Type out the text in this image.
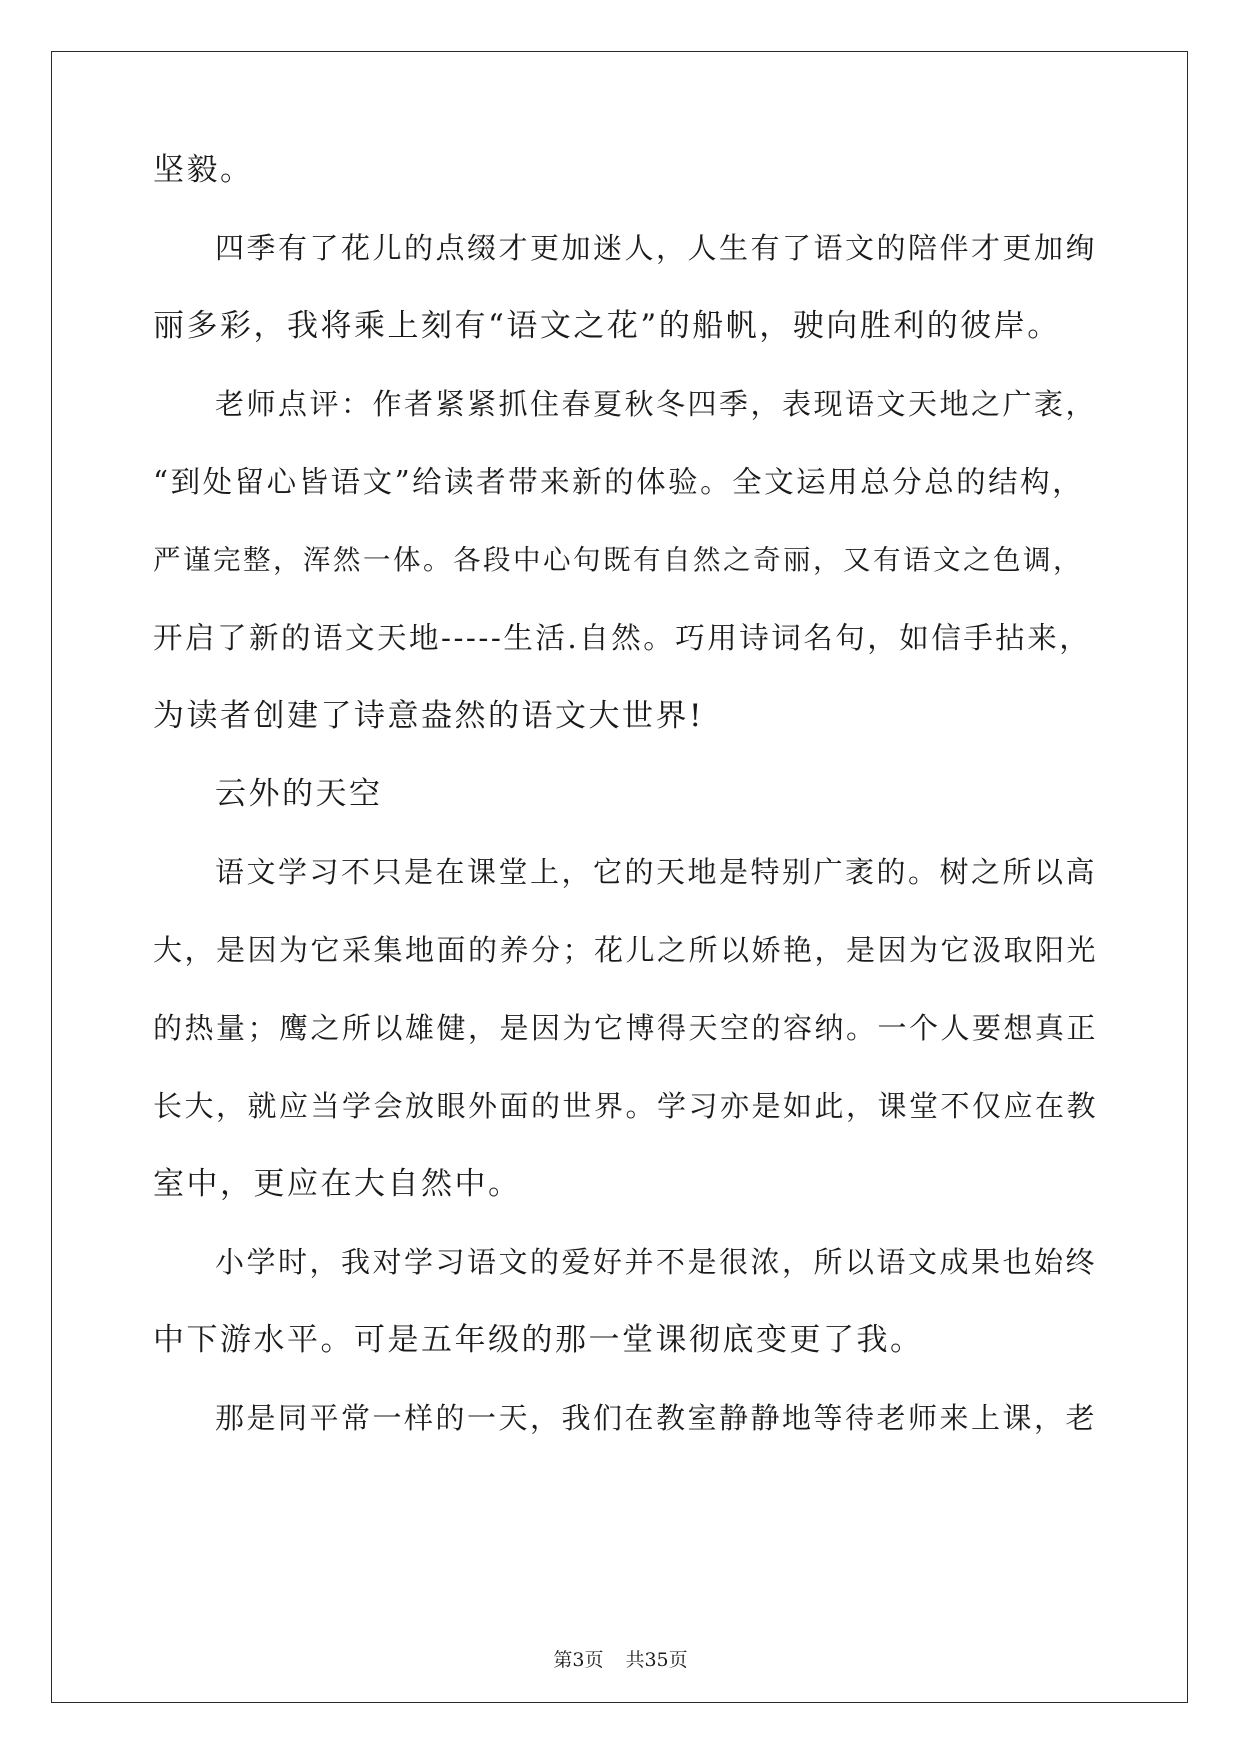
坚毅。
四季有了花儿的点缀才更加迷人，人生有了语文的陪伴才更加绚
丽多彩，我将乘上刻有“语文之花”的船帆，驶向胜利的彼岸。
老师点评：作者紧紧抓住春夏秋冬四季，表现语文天地之广袤，
“到处留心皆语文”给读者带来新的体验。全文运用总分总的结构，
严谨完整，浑然一体。各段中心句既有自然之奇丽，又有语文之色调，
开启了新的语文天地-----生活.自然。巧用诗词名句，如信手拈来，
为读者创建了诗意盎然的语文大世界!
云外的天空
语文学习不只是在课堂上，它的天地是特别广袤的。树之所以高
大，是因为它采集地面的养分；花儿之所以娇艳，是因为它汲取阳光
的热量；鹰之所以雄健，是因为它博得天空的容纳。一个人要想真正
长大，就应当学会放眼外面的世界。学习亦是如此，课堂不仅应在教
室中，更应在大自然中。
小学时，我对学习语文的爱好并不是很浓，所以语文成果也始终
中下游水平。可是五年级的那一堂课彻底变更了我。
那是同平常一样的一天，我们在教室静静地等待老师来上课，老
第3页 共35页
